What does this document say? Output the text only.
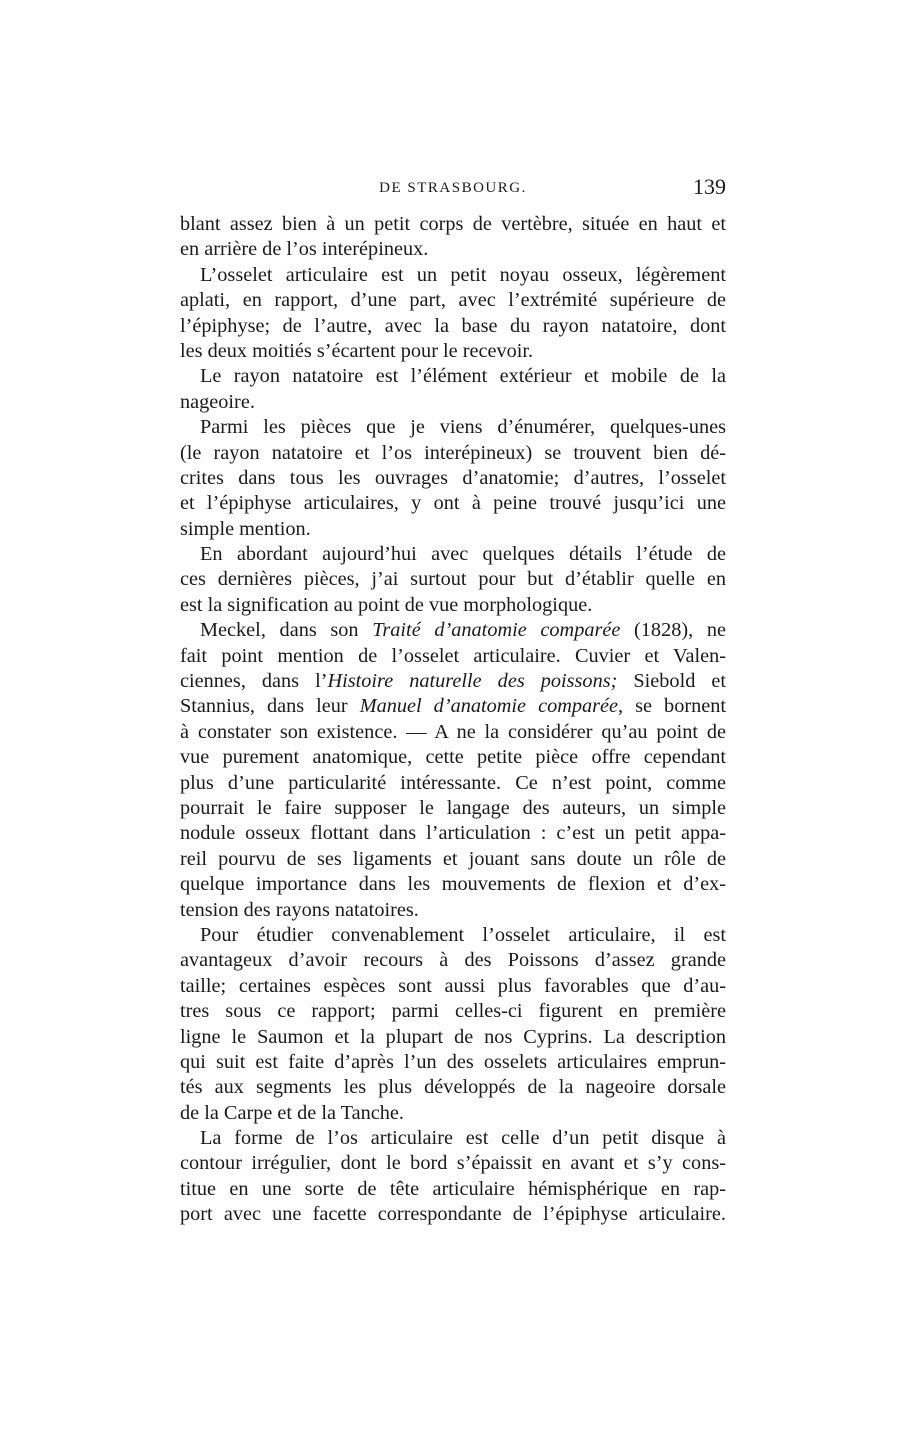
DE STRASBOURG.	139
blant assez bien à un petit corps de vertèbre, située en haut et
en arrière de l’os interépineux.
L’osselet articulaire est un petit noyau osseux, légèrement
aplati, en rapport, d’une part, avec l’extrémité supérieure de
l’épiphyse; de l’autre, avec la base du rayon natatoire, dont
les deux moitiés s’écartent pour le recevoir.
Le rayon natatoire est l’élément extérieur et mobile de la
nageoire.
Parmi les pièces que je viens d’énumérer, quelques-unes
(le rayon natatoire et l’os interépineux) se trouvent bien dé-
crites dans tous les ouvrages d’anatomie; d’autres, l’osselet
et l’épiphyse articulaires, y ont à peine trouvé jusqu’ici une
simple mention.
En abordant aujourd’hui avec quelques détails l’étude de
ces dernières pièces, j’ai surtout pour but d’établir quelle en
est la signification au point de vue morphologique.
Meckel, dans son Traité d’anatomie comparée (1828), ne
fait point mention de l’osselet articulaire. Cuvier et Valen-
ciennes, dans l’Histoire naturelle des poissons; Siebold et
Stannius, dans leur Manuel d’anatomie comparée, se bornent
à constater son existence. — A ne la considérer qu’au point de
vue purement anatomique, cette petite pièce offre cependant
plus d’une particularité intéressante. Ce n’est point, comme
pourrait le faire supposer le langage des auteurs, un simple
nodule osseux flottant dans l’articulation : c’est un petit appa-
reil pourvu de ses ligaments et jouant sans doute un rôle de
quelque importance dans les mouvements de flexion et d’ex-
tension des rayons natatoires.
Pour étudier convenablement l’osselet articulaire, il est
avantageux d’avoir recours à des Poissons d’assez grande
taille; certaines espèces sont aussi plus favorables que d’au-
tres sous ce rapport; parmi celles-ci figurent en première
ligne le Saumon et la plupart de nos Cyprins. La description
qui suit est faite d’après l’un des osselets articulaires emprun-
tés aux segments les plus développés de la nageoire dorsale
de la Carpe et de la Tanche.
La forme de l’os articulaire est celle d’un petit disque à
contour irrégulier, dont le bord s’épaissit en avant et s’y cons-
titue en une sorte de tête articulaire hémisphérique en rap-
port avec une facette correspondante de l’épiphyse articulaire.
